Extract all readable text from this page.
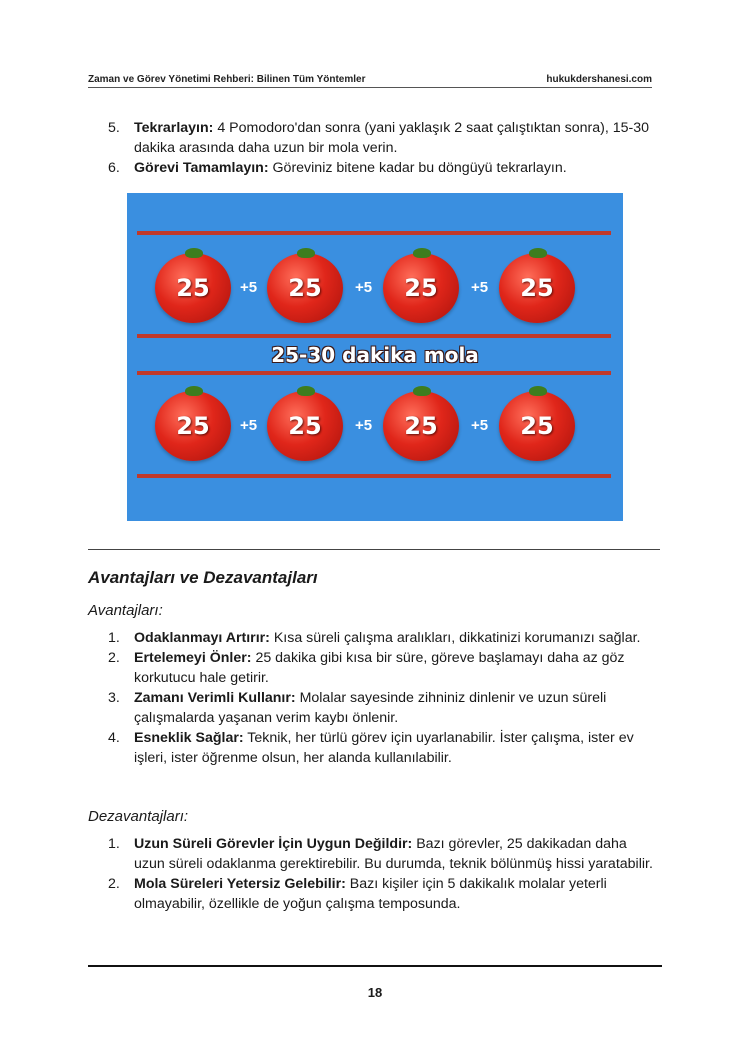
Zaman ve Görev Yönetimi Rehberi: Bilinen Tüm Yöntemler	hukukdershanesi.com
5. Tekrarlayın: 4 Pomodoro'dan sonra (yani yaklaşık 2 saat çalıştıktan sonra), 15-30 dakika arasında daha uzun bir mola verin.
6. Görevi Tamamlayın: Göreviniz bitene kadar bu döngüyü tekrarlayın.
25-30 dakika mola
25	25	25	25
+5	+5	+5
25	25	25	25
+5	+5	+5
Avantajları ve Dezavantajları
Avantajları:
1. Odaklanmayı Artırır: Kısa süreli çalışma aralıkları, dikkatinizi korumanızı sağlar.
2. Ertelemeyi Önler: 25 dakika gibi kısa bir süre, göreve başlamayı daha az göz korkutucu hale getirir.
3. Zamanı Verimli Kullanır: Molalar sayesinde zihniniz dinlenir ve uzun süreli çalışmalarda yaşanan verim kaybı önlenir.
4. Esneklik Sağlar: Teknik, her türlü görev için uyarlanabilir. İster çalışma, ister ev işleri, ister öğrenme olsun, her alanda kullanılabilir.
Dezavantajları:
1. Uzun Süreli Görevler İçin Uygun Değildir: Bazı görevler, 25 dakikadan daha uzun süreli odaklanma gerektirebilir. Bu durumda, teknik bölünmüş hissi yaratabilir.
2. Mola Süreleri Yetersiz Gelebilir: Bazı kişiler için 5 dakikalık molalar yeterli olmayabilir, özellikle de yoğun çalışma temposunda.
18
